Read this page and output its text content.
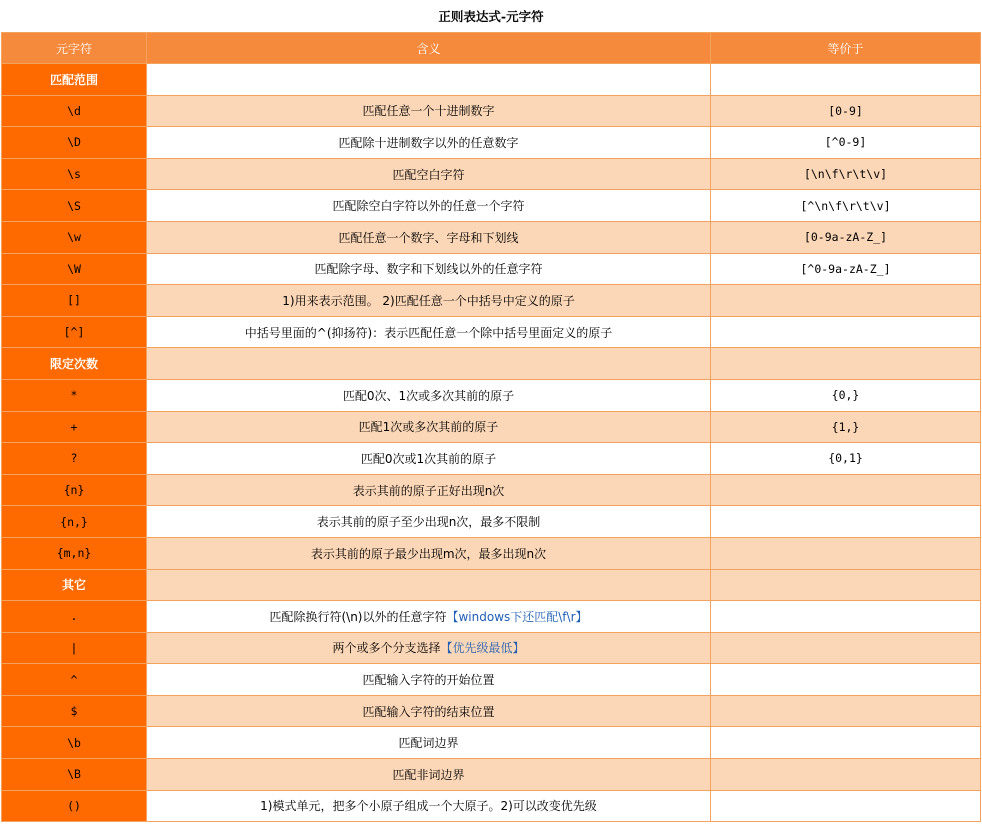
正则表达式-元字符
元字符	含义	等价于
匹配范围		
\d	匹配任意一个十进制数字	[0-9]
\D	匹配除十进制数字以外的任意数字	[^0-9]
\s	匹配空白字符	[\n\f\r\t\v]
\S	匹配除空白字符以外的任意一个字符	[^\n\f\r\t\v]
\w	匹配任意一个数字、字母和下划线	[0-9a-zA-Z_]
\W	匹配除字母、数字和下划线以外的任意字符	[^0-9a-zA-Z_]
[]	1)用来表示范围。 2)匹配任意一个中括号中定义的原子	
[^]	中括号里面的^(抑扬符)：表示匹配任意一个除中括号里面定义的原子	
限定次数		
*	匹配0次、1次或多次其前的原子	{0,}
+	匹配1次或多次其前的原子	{1,}
?	匹配0次或1次其前的原子	{0,1}
{n}	表示其前的原子正好出现n次	
{n,}	表示其前的原子至少出现n次，最多不限制	
{m,n}	表示其前的原子最少出现m次，最多出现n次	
其它		
.	匹配除换行符(\n)以外的任意字符【windows下还匹配\f\r】	
|	两个或多个分支选择【优先级最低】	
^	匹配输入字符的开始位置	
$	匹配输入字符的结束位置	
\b	匹配词边界	
\B	匹配非词边界	
()	1)模式单元，把多个小原子组成一个大原子。2)可以改变优先级	
